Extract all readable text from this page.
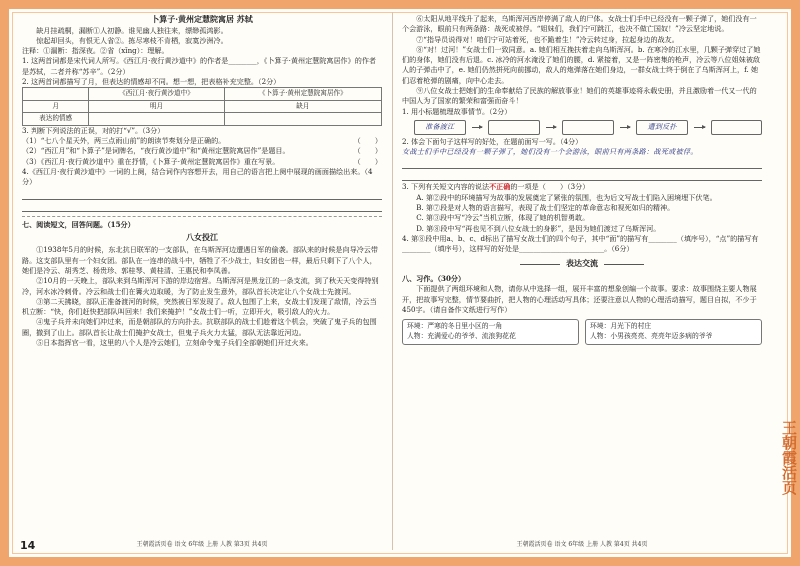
卜算子·黄州定慧院寓居 苏轼

缺月挂疏桐，漏断①人初静。谁见幽人独往来，缥缈孤鸿影。

惊起却回头，有恨无人省②。拣尽寒枝不肯栖，寂寞沙洲冷。

注释：①漏断：指深夜。②省（xǐng）：理解。

1. 这两首词都是宋代词人所写。《西江月·夜行黄沙道中》的作者是________，《卜算子·黄州定慧院寓居作》的作者是苏轼，二者并称“苏辛”。（2分）

2. 这两首词都描写了月，但表达的情感却不同。想一想，把表格补充完整。（2分）

	《西江月·夜行黄沙道中》	《卜算子·黄州定慧院寓居作》
月	明月	缺月
表达的情感		

3. 判断下列说法的正误，对的打“√”。（3分）

（1）“七八个星天外，两三点雨山前”的朗读节奏划分是正确的。	（　　）

（2）“西江月”和“卜算子”是词牌名，“夜行黄沙道中”和“黄州定慧院寓居作”是题目。	（　　）

（3）《西江月·夜行黄沙道中》重在抒情，《卜算子·黄州定慧院寓居作》重在写景。	（　　）

4.《西江月·夜行黄沙道中》一词的上阕，结合词作内容想开去，用自己的语言把上阕中展现的画面描绘出来。（4分）

七、阅读短文，回答问题。（15分）

八女投江

①1938年5月的时候，东北抗日联军的一支部队，在乌斯浑河边遭遇日军的偷袭。部队来的时候是向导冷云带路。这支部队里有一个妇女团。部队在一连串的战斗中，牺牲了不少战士，妇女团也一样，最后只剩下了八个人，她们是冷云、胡秀芝、杨贵珍、郭桂琴、黄桂清、王惠民和李凤善。

②10月的一天晚上，部队来到乌斯浑河下游的岸边宿营。乌斯浑河是黑龙江的一条支流，到了秋天天变得特别冷，河水冰冷刺骨。冷云和战士们在篝火边取暖，为了防止发生意外，部队首长决定让八个女战士先渡河。

③第二天拂晓，部队正准备渡河的时候，突然被日军发现了。敌人包围了上来，女战士们发现了敌情，冷云当机立断：“快，你们赶快把部队叫回来！我们来掩护！”女战士们一听，立即开火，吸引敌人的火力。

④鬼子兵并未向她们冲过来，而是朝部队的方向扑去。抗联部队的战士们趁着这个机会，突破了鬼子兵的包围圈，撤到了山上。部队首长让战士们掩护女战士，但鬼子兵火力太猛，部队无法靠近河边。

⑤日本指挥官一看，这里的八个人是冷云她们，立刻命令鬼子兵们全部朝她们开过火来。

14	王朝霞活页卷 语文 6年级 上册 人教 第3页 共4页

⑥太阳从地平线升了起来，乌斯浑河西岸停满了敌人的尸体。女战士们手中已经没有一颗子弹了，她们没有一个会游泳，眼前只有两条路：战死或被俘。“姐妹们，我们宁可跳江，也决不做亡国奴！”冷云坚定地说。

⑦“指导员说得对！咱们宁可站着死，也不跪着生！”冷云转过身，拉起身边的战友。

⑧“对！过河！”女战士们一致同意。a. 她们相互挽扶着走向乌斯浑河。b. 在寒冷的江水里，几颗子弹穿过了她们的身体，她们没有后退。c. 冰冷的河水淹没了她们的腰，d. 紧接着，又是一阵密集的枪声，冷云等八位姐妹被敌人的子弹击中了，e. 她们仍然拼死向前挪动，敌人的炮弹落在她们身边，一群女战士终于倒在了乌斯浑河上，f. 她们忍着枪弹的剧痛，向中心走去。

⑨八位女战士把她们的生命奉献给了民族的解放事业！她们的英雄事迹将永载史册，并且激励着一代又一代的中国人为了国家的繁荣和富强而奋斗！

1. 用小标题梳理故事情节。（2分）

准备渡江	遭到反扑

2. 体会下面句子这样写的好处，在题前面写一写。（4分）

女战士们手中已经没有一颗子弹了，她们没有一个会游泳，眼前只有两条路：战死或被俘。

3. 下列有关短文内容的说法不正确的一项是（　　）（3分）

A. 第②段中的环境描写为故事的发展奠定了紧张的氛围，也为后文写战士们陷入困境埋下伏笔。

B. 第⑦段是对人物的语言描写，表现了战士们坚定的革命意志和视死如归的精神。

C. 第③段中写“冷云”当机立断，体现了她的机智勇敢。

D. 第⑧段中写“再也见不到八位女战士的身影”，是因为她们渡过了乌斯浑河。

4. 第⑧段中用a、b、c、d标出了描写女战士们的四个句子，其中“面”的描写有________（填序号），“点”的描写有________（填序号），这样写的好处是________________________。（6分）

表达交流

八、习作。（30分）

下面提供了两组环境和人物，请你从中选择一组，展开丰富的想象创编一个故事。要求：故事围绕主要人物展开，把故事写完整，情节要曲折，把人物的心理活动写具体；还要注意以人物的心理活动描写，题目自拟，不少于450字。（请自备作文纸进行写作）

环境：严寒的冬日里小区的一角

人物：充满爱心的爷爷、流浪狗花花

环境：月光下的村庄

人物：小男孩亮亮、亮亮年迈多病的爷爷

王朝霞活页卷 语文 6年级 上册 人教 第4页 共4页
王朝霞活页
